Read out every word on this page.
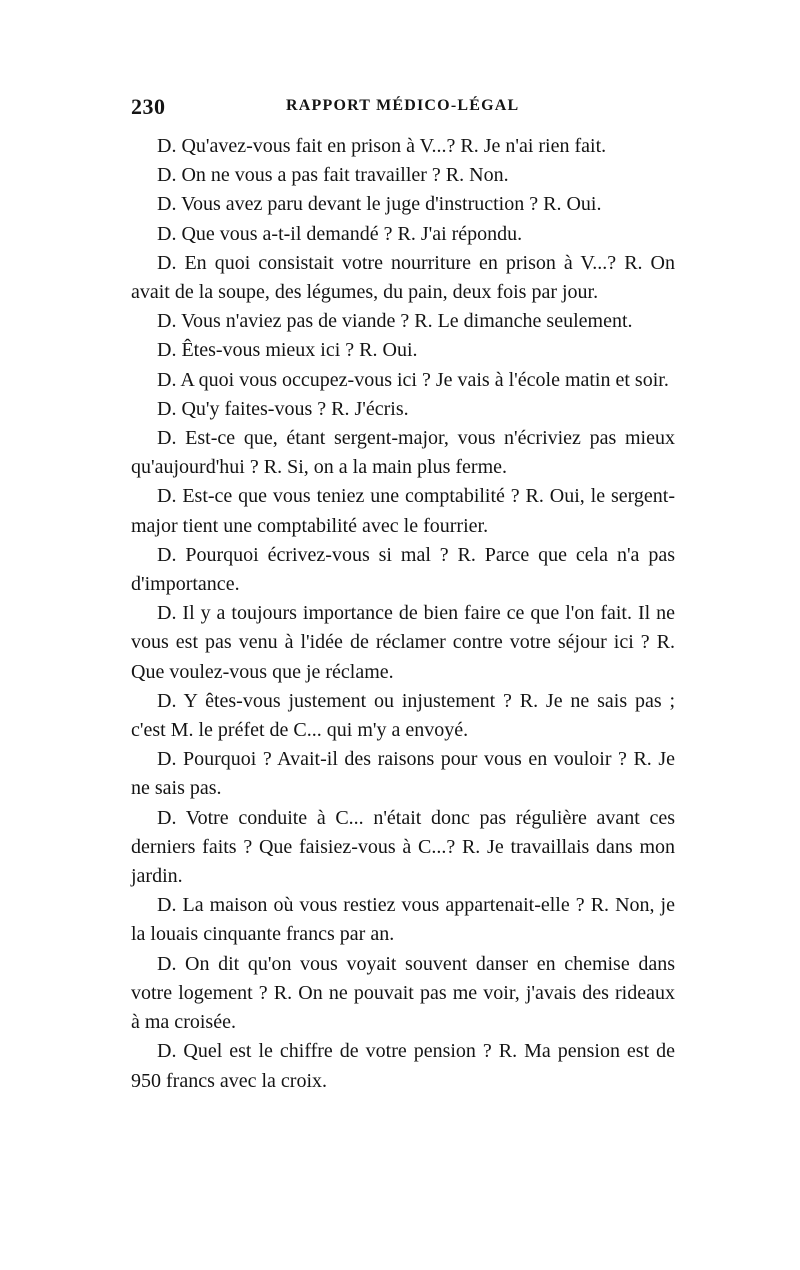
230	RAPPORT MÉDICO-LÉGAL

D. Qu'avez-vous fait en prison à V...? R. Je n'ai rien fait.

D. On ne vous a pas fait travailler ? R. Non.

D. Vous avez paru devant le juge d'instruction ? R. Oui.

D. Que vous a-t-il demandé ? R. J'ai répondu.

D. En quoi consistait votre nourriture en prison à V...? R. On avait de la soupe, des légumes, du pain, deux fois par jour.

D. Vous n'aviez pas de viande ? R. Le dimanche seulement.

D. Êtes-vous mieux ici ? R. Oui.

D. A quoi vous occupez-vous ici ? Je vais à l'école matin et soir.

D. Qu'y faites-vous ? R. J'écris.

D. Est-ce que, étant sergent-major, vous n'écriviez pas mieux qu'aujourd'hui ? R. Si, on a la main plus ferme.

D. Est-ce que vous teniez une comptabilité ? R. Oui, le sergent-major tient une comptabilité avec le fourrier.

D. Pourquoi écrivez-vous si mal ? R. Parce que cela n'a pas d'importance.

D. Il y a toujours importance de bien faire ce que l'on fait. Il ne vous est pas venu à l'idée de réclamer contre votre séjour ici ? R. Que voulez-vous que je réclame.

D. Y êtes-vous justement ou injustement ? R. Je ne sais pas ; c'est M. le préfet de C... qui m'y a envoyé.

D. Pourquoi ? Avait-il des raisons pour vous en vouloir ? R. Je ne sais pas.

D. Votre conduite à C... n'était donc pas régulière avant ces derniers faits ? Que faisiez-vous à C...? R. Je travaillais dans mon jardin.

D. La maison où vous restiez vous appartenait-elle ? R. Non, je la louais cinquante francs par an.

D. On dit qu'on vous voyait souvent danser en chemise dans votre logement ? R. On ne pouvait pas me voir, j'avais des rideaux à ma croisée.

D. Quel est le chiffre de votre pension ? R. Ma pension est de 950 francs avec la croix.
